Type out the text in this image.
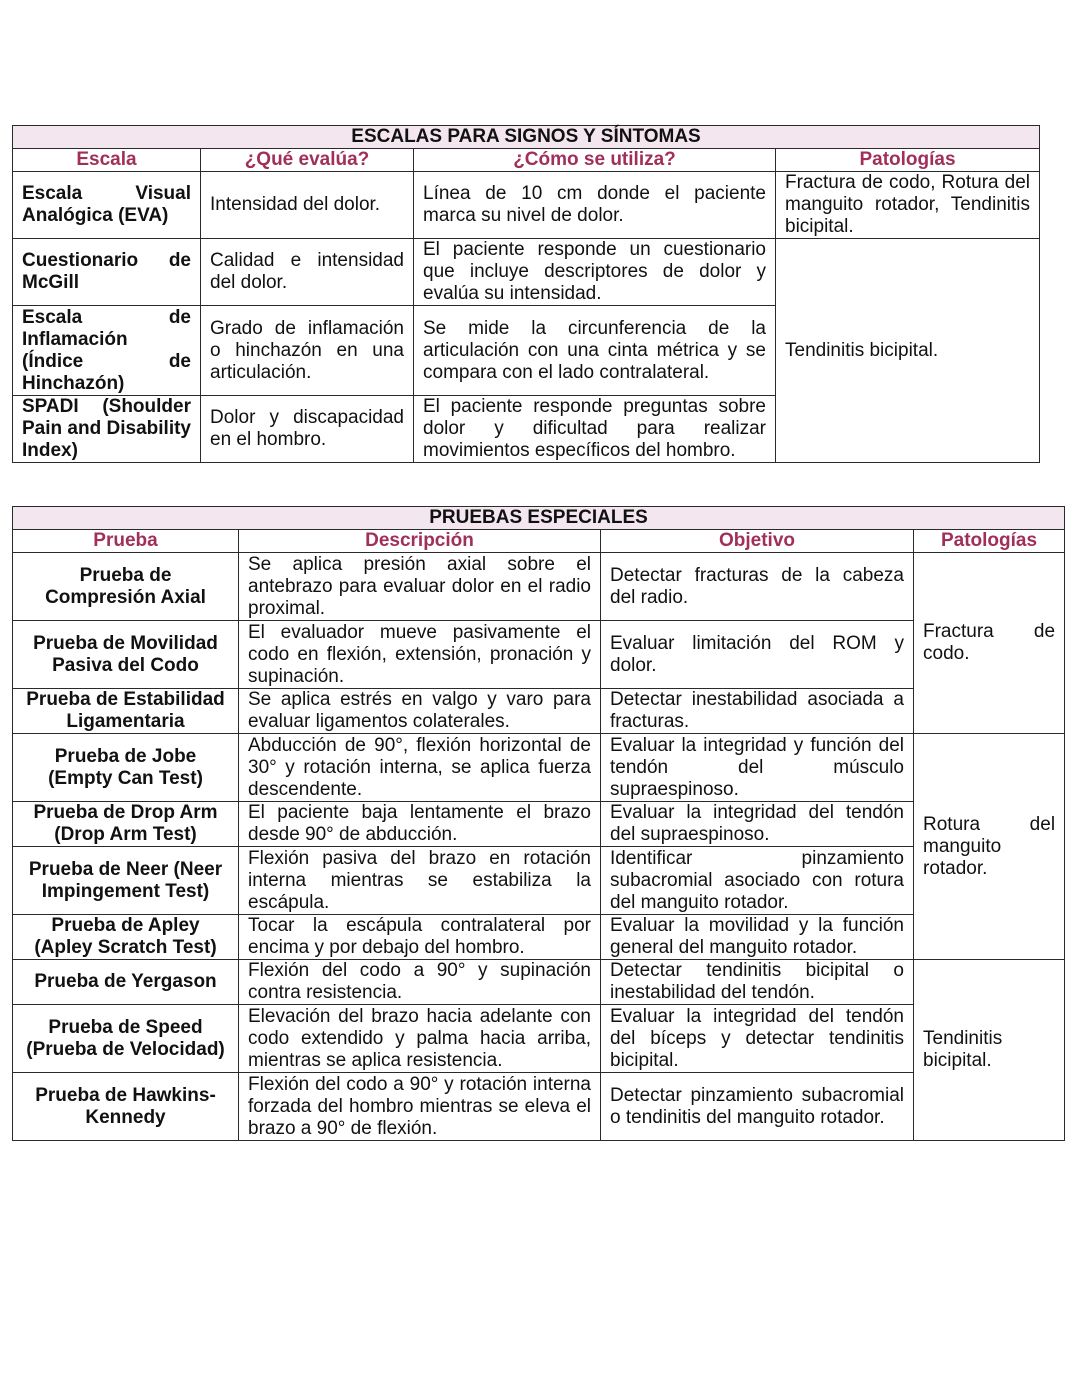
ESCALAS PARA SIGNOS Y SÍNTOMAS			
Escala	¿Qué evalúa?	¿Cómo se utiliza?	Patologías
Escala Visual Analógica (EVA)	Intensidad del dolor.	Línea de 10 cm donde el paciente marca su nivel de dolor.	Fractura de codo, Rotura del manguito rotador, Tendinitis bicipital.
Cuestionario de McGill	Calidad e intensidad del dolor.	El paciente responde un cuestionario que incluye descriptores de dolor y evalúa su intensidad.	Tendinitis bicipital.
Escala de Inflamación (Índice de Hinchazón)	Grado de inflamación o hinchazón en una articulación.	Se mide la circunferencia de la articulación con una cinta métrica y se compara con el lado contralateral.	
SPADI (Shoulder Pain and Disability Index)	Dolor y discapacidad en el hombro.	El paciente responde preguntas sobre dolor y dificultad para realizar movimientos específicos del hombro.	
PRUEBAS ESPECIALES			
Prueba	Descripción	Objetivo	Patologías
Prueba de Compresión Axial	Se aplica presión axial sobre el antebrazo para evaluar dolor en el radio proximal.	Detectar fracturas de la cabeza del radio.	Fractura de codo.
Prueba de Movilidad Pasiva del Codo	El evaluador mueve pasivamente el codo en flexión, extensión, pronación y supinación.	Evaluar limitación del ROM y dolor.	
Prueba de Estabilidad Ligamentaria	Se aplica estrés en valgo y varo para evaluar ligamentos colaterales.	Detectar inestabilidad asociada a fracturas.	
Prueba de Jobe (Empty Can Test)	Abducción de 90°, flexión horizontal de 30° y rotación interna, se aplica fuerza descendente.	Evaluar la integridad y función del tendón del músculo supraespinoso.	Rotura del manguito rotador.
Prueba de Drop Arm (Drop Arm Test)	El paciente baja lentamente el brazo desde 90° de abducción.	Evaluar la integridad del tendón del supraespinoso.	
Prueba de Neer (Neer Impingement Test)	Flexión pasiva del brazo en rotación interna mientras se estabiliza la escápula.	Identificar pinzamiento subacromial asociado con rotura del manguito rotador.	
Prueba de Apley (Apley Scratch Test)	Tocar la escápula contralateral por encima y por debajo del hombro.	Evaluar la movilidad y la función general del manguito rotador.	
Prueba de Yergason	Flexión del codo a 90° y supinación contra resistencia.	Detectar tendinitis bicipital o inestabilidad del tendón.	Tendinitis bicipital.
Prueba de Speed (Prueba de Velocidad)	Elevación del brazo hacia adelante con codo extendido y palma hacia arriba, mientras se aplica resistencia.	Evaluar la integridad del tendón del bíceps y detectar tendinitis bicipital.	
Prueba de Hawkins-Kennedy	Flexión del codo a 90° y rotación interna forzada del hombro mientras se eleva el brazo a 90° de flexión.	Detectar pinzamiento subacromial o tendinitis del manguito rotador.	
